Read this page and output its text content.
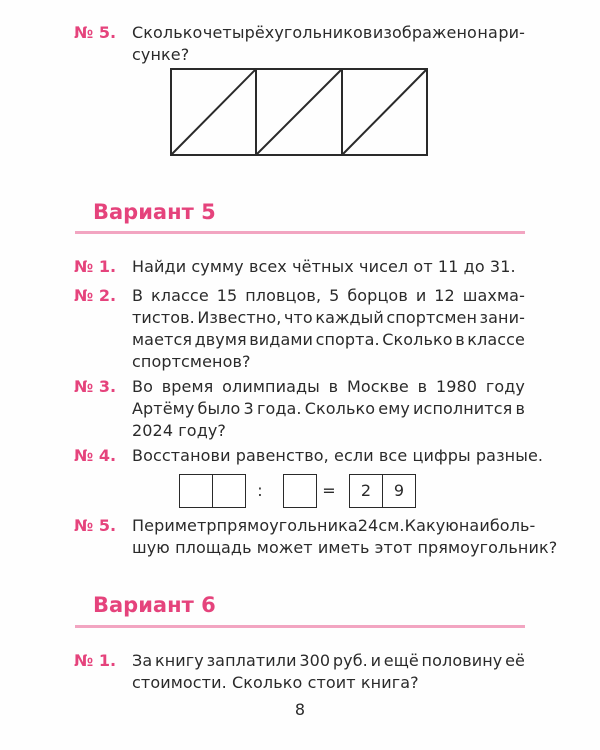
№ 5. Сколько четырёхугольников изображено на ри-
сунке?
Вариант 5
№ 1. Найди сумму всех чётных чисел от 11 до 31.
№ 2. В классе 15 пловцов, 5 борцов и 12 шахма-
тистов. Известно, что каждый спортсмен зани-
мается двумя видами спорта. Сколько в классе
спортсменов?
№ 3. Во время олимпиады в Москве в 1980 году
Артёму было 3 года. Сколько ему исполнится в
2024 году?
№ 4. Восстанови равенство, если все цифры разные.
:	=	2	9
№ 5. Периметр прямоугольника 24 см. Какую наиболь-
шую площадь может иметь этот прямоугольник?
Вариант 6
№ 1. За книгу заплатили 300 руб. и ещё половину её
стоимости. Сколько стоит книга?
8
